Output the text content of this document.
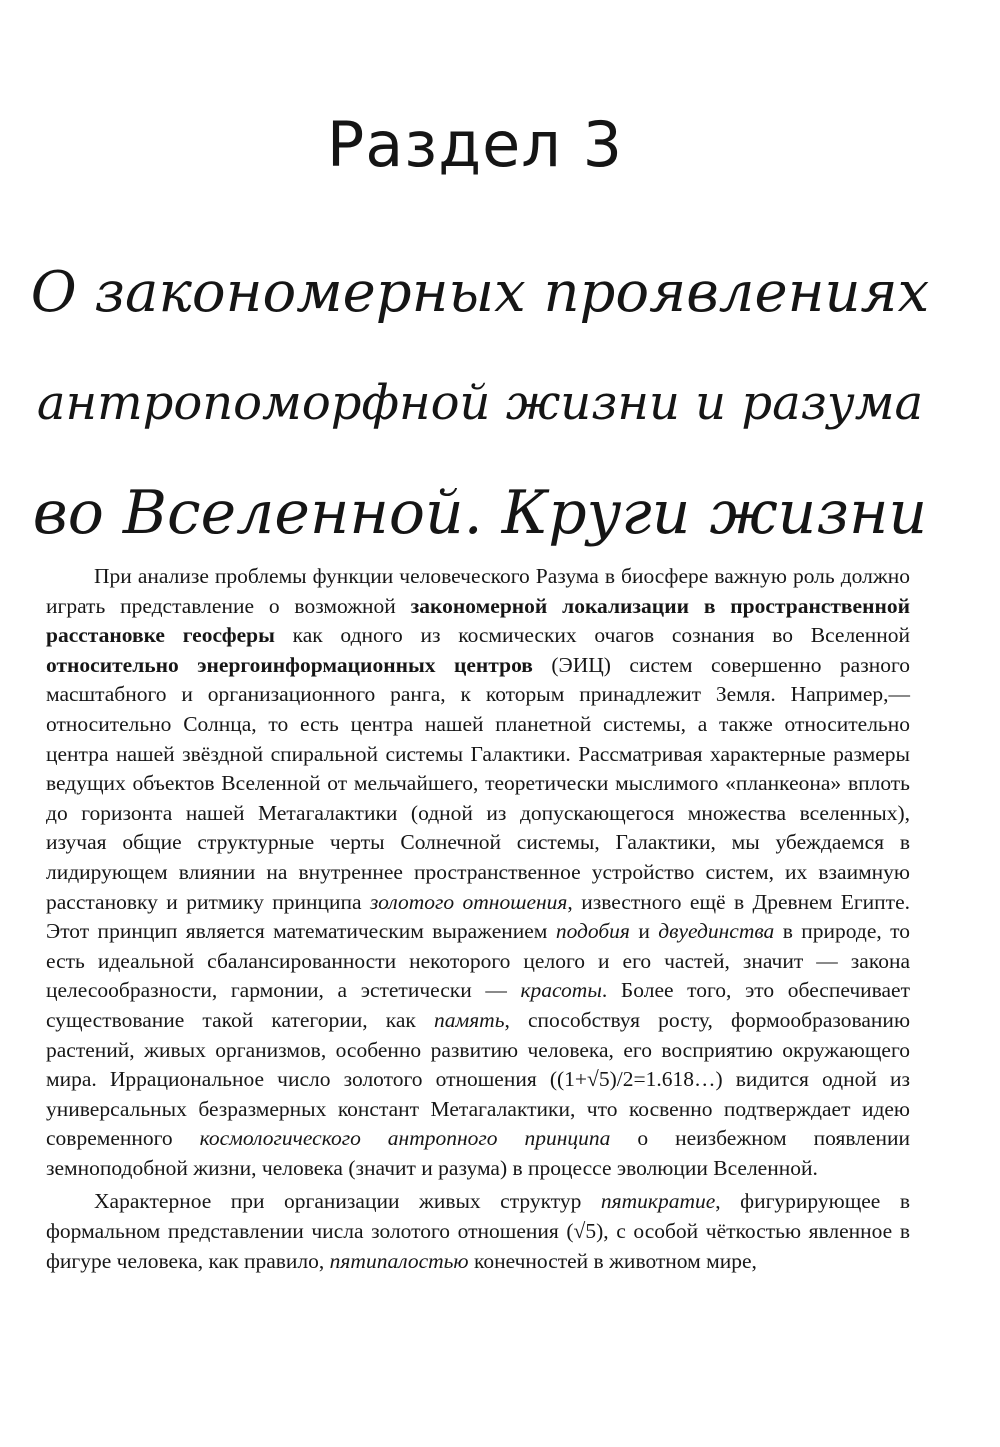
Раздел 3
О закономерных проявлениях
антропоморфной жизни и разума
во Вселенной. Круги жизни

При анализе проблемы функции человеческого Разума в биосфере важную роль должно играть представление о возможной закономерной локализации в пространственной расстановке геосферы как одного из космических очагов сознания во Вселенной относительно энергоинформационных центров (ЭИЦ) систем совершенно разного масштабного и организационного ранга, к которым принадлежит Земля. Например,— относительно Солнца, то есть центра нашей планетной системы, а также относительно центра нашей звёздной спиральной системы Галактики. Рассматривая характерные размеры ведущих объектов Вселенной от мельчайшего, теоретически мыслимого «планкеона» вплоть до горизонта нашей Метагалактики (одной из допускающегося множества вселенных), изучая общие структурные черты Солнечной системы, Галактики, мы убеждаемся в лидирующем влиянии на внутреннее пространственное устройство систем, их взаимную расстановку и ритмику принципа золотого отношения, известного ещё в Древнем Египте. Этот принцип является математическим выражением подобия и двуединства в природе, то есть идеальной сбалансированности некоторого целого и его частей, значит — закона целесообразности, гармонии, а эстетически — красоты. Более того, это обеспечивает существование такой категории, как память, способствуя росту, формообразованию растений, живых организмов, особенно развитию человека, его восприятию окружающего мира. Иррациональное число золотого отношения ((1+√5)/2=1.618…) видится одной из универсальных безразмерных констант Метагалактики, что косвенно подтверждает идею современного космологического антропного принципа о неизбежном появлении земноподобной жизни, человека (значит и разума) в процессе эволюции Вселенной.

Характерное при организации живых структур пятикратие, фигурирующее в формальном представлении числа золотого отношения (√5), с особой чёткостью явленное в фигуре человека, как правило, пятипалостью конечностей в животном мире,
